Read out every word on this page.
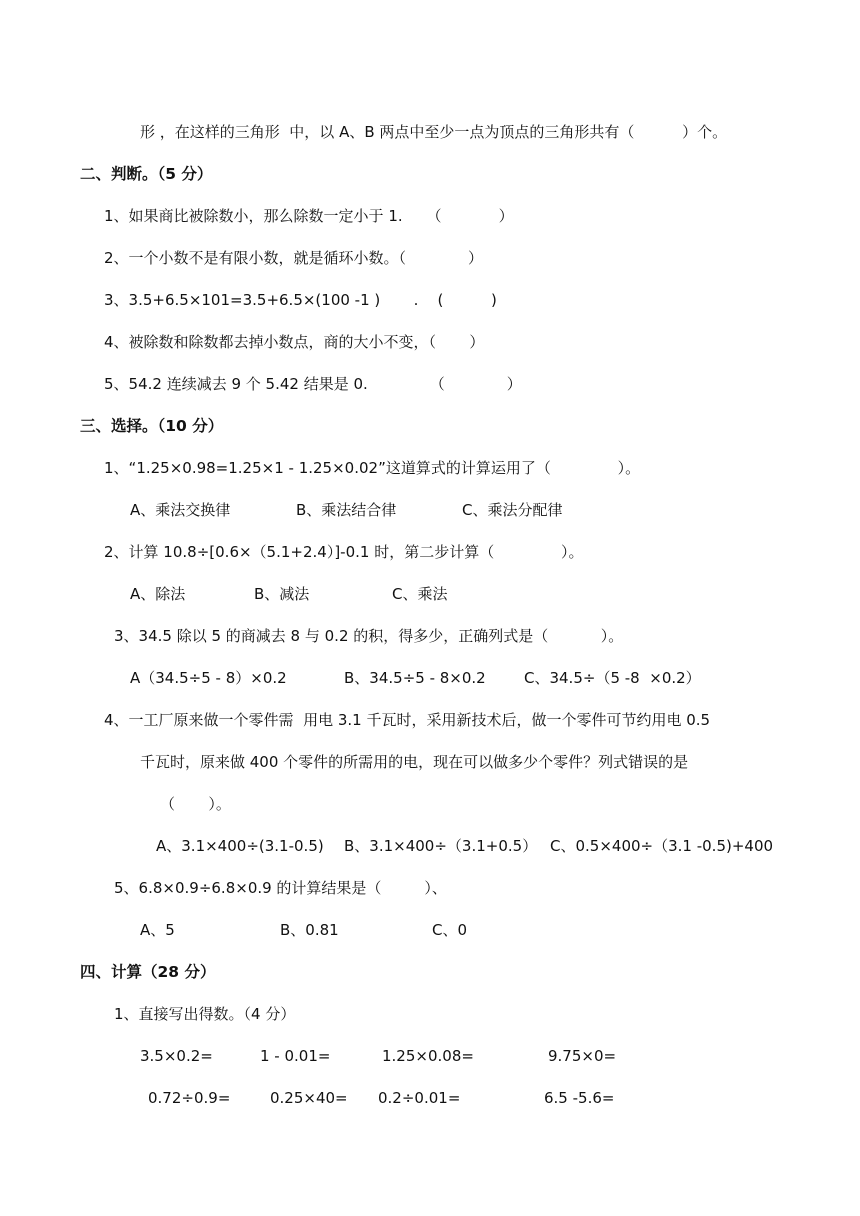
形 ，在这样的三角形  中，以 A、B 两点中至少一点为顶点的三角形共有（          ）个。
二、判断。（5 分）
1、如果商比被除数小，那么除数一定小于 1.     （            ）
2、一个小数不是有限小数，就是循环小数。（             ）
3、3.5+6.5×101=3.5+6.5×(100 -1 )       .    (          )
4、被除数和除数都去掉小数点，商的大小不变，（       ）
5、54.2 连续减去 9 个 5.42 结果是 0.             （             ）
三、选择。（10 分）
1、“1.25×0.98=1.25×1 - 1.25×0.02”这道算式的计算运用了（              ）。
A、乘法交换律	B、乘法结合律	C、乘法分配律
2、计算 10.8÷[0.6×（5.1+2.4）]-0.1 时，第二步计算（              ）。
A、除法	B、减法	C、乘法
3、34.5 除以 5 的商减去 8 与 0.2 的积，得多少，正确列式是（           ）。
A（34.5÷5 - 8）×0.2	B、34.5÷5 - 8×0.2	C、34.5÷（5 -8  ×0.2）
4、一工厂原来做一个零件需  用电 3.1 千瓦时，采用新技术后，做一个零件可节约用电 0.5
千瓦时，原来做 400 个零件的所需用的电，现在可以做多少个零件？列式错误的是
（       ）。
A、3.1×400÷(3.1-0.5) B、3.1×400÷（3.1+0.5） C、0.5×400÷（3.1 -0.5)+400
5、6.8×0.9÷6.8×0.9 的计算结果是（         ）、
A、5	B、0.81	C、0
四、计算（28 分）
1、直接写出得数。（4 分）
3.5×0.2=	1 - 0.01=	1.25×0.08=	9.75×0=
0.72÷0.9=	0.25×40= 0.2÷0.01=	6.5 -5.6=
